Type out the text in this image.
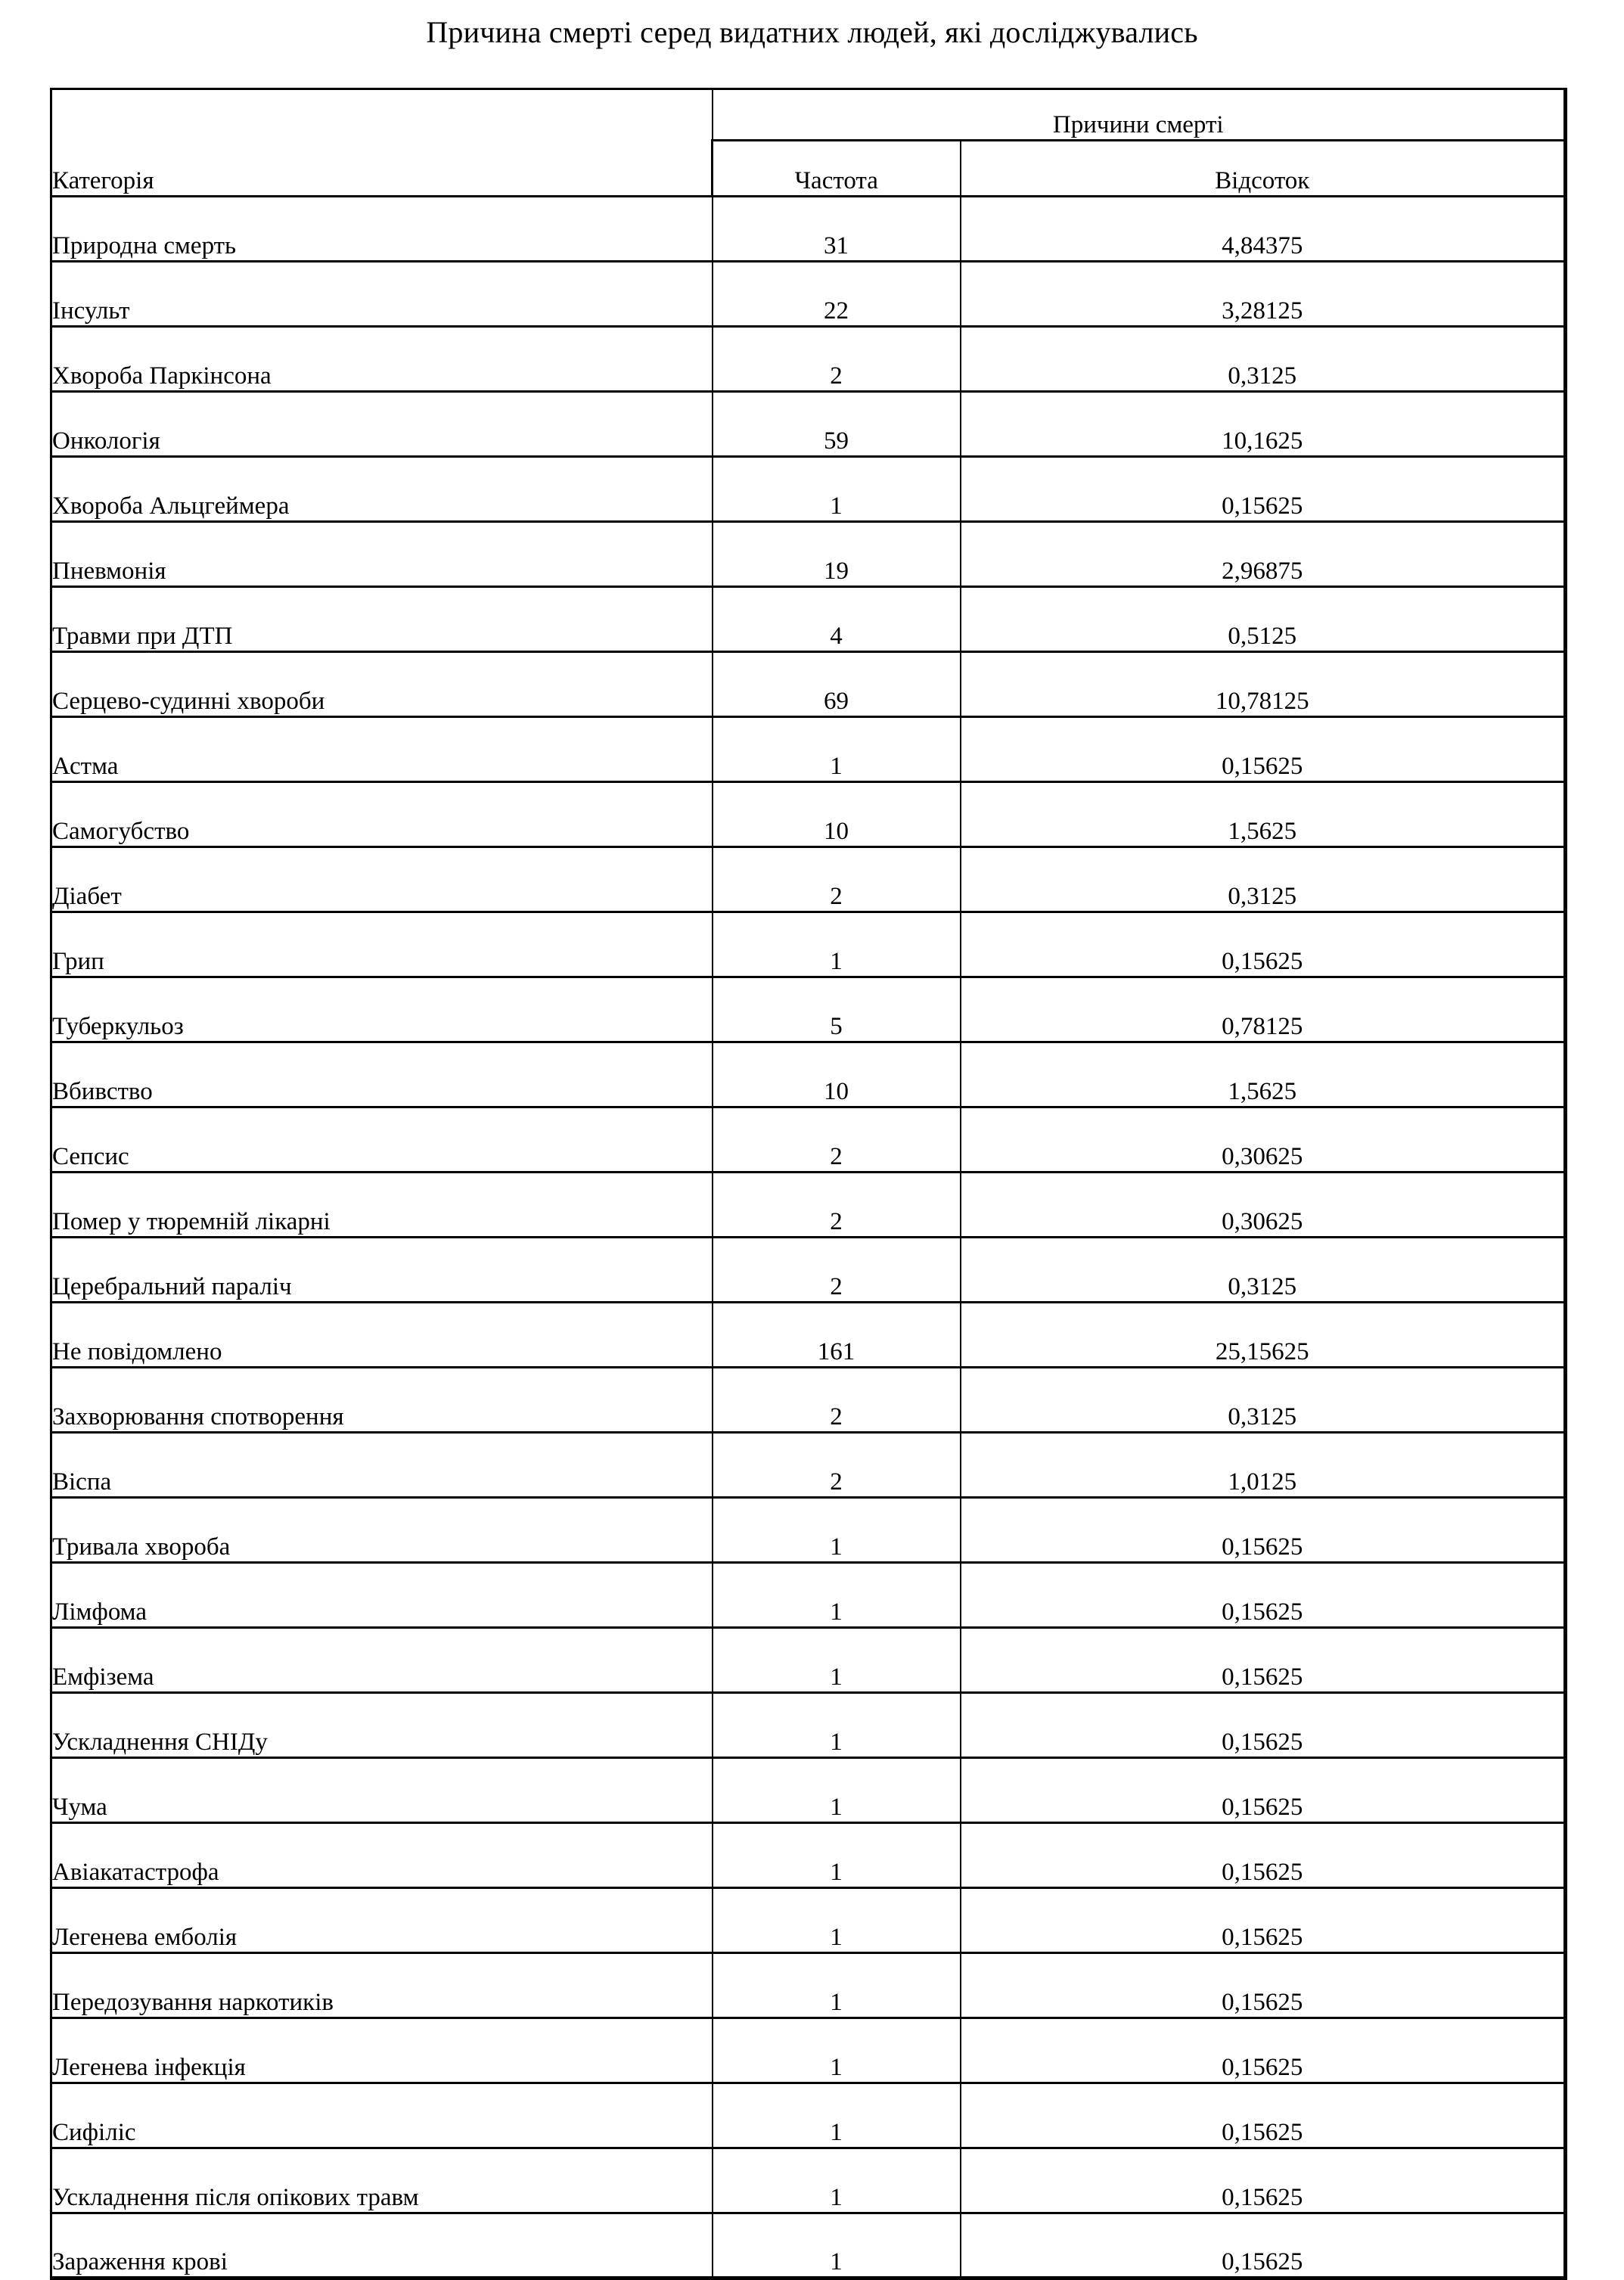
Причина смерті серед видатних людей, які досліджувались
Категорія	Причини смерті	
	Частота	Відсоток
Природна смерть	31	4,84375
Інсульт	22	3,28125
Хвороба Паркінсона	2	0,3125
Онкологія	59	10,1625
Хвороба Альцгеймера	1	0,15625
Пневмонія	19	2,96875
Травми при ДТП	4	0,5125
Серцево-судинні хвороби	69	10,78125
Астма	1	0,15625
Самогубство	10	1,5625
Діабет	2	0,3125
Грип	1	0,15625
Туберкульоз	5	0,78125
Вбивство	10	1,5625
Сепсис	2	0,30625
Помер у тюремній лікарні	2	0,30625
Церебральний параліч	2	0,3125
Не повідомлено	161	25,15625
Захворювання спотворення	2	0,3125
Віспа	2	1,0125
Тривала хвороба	1	0,15625
Лімфома	1	0,15625
Емфізема	1	0,15625
Ускладнення СНІДу	1	0,15625
Чума	1	0,15625
Авіакатастрофа	1	0,15625
Легенева емболія	1	0,15625
Передозування наркотиків	1	0,15625
Легенева інфекція	1	0,15625
Сифіліс	1	0,15625
Ускладнення після опікових травм	1	0,15625
Зараження крові	1	0,15625
